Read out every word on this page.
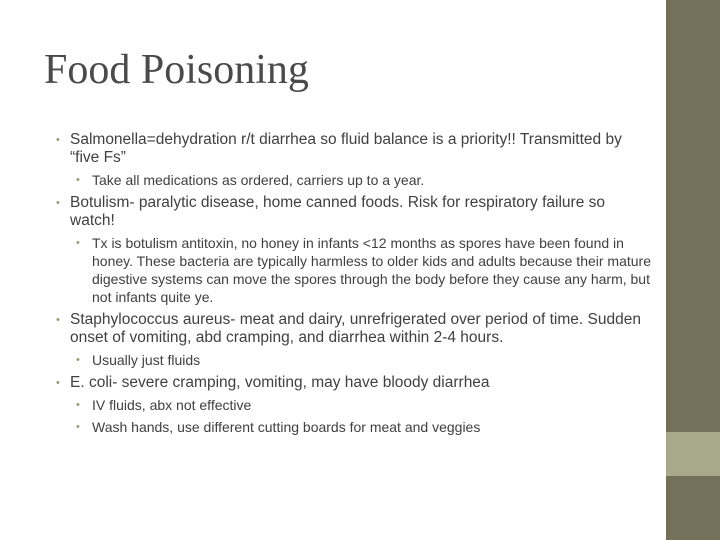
Food Poisoning
• Salmonella=dehydration r/t diarrhea so fluid balance is a priority!! Transmitted by “five Fs”
• Take all medications as ordered, carriers up to a year.
• Botulism- paralytic disease, home canned foods. Risk for respiratory failure so watch!
• Tx is botulism antitoxin, no honey in infants <12 months as spores have been found in honey. These bacteria are typically harmless to older kids and adults because their mature digestive systems can move the spores through the body before they cause any harm, but not infants quite ye.
• Staphylococcus aureus- meat and dairy, unrefrigerated over period of time. Sudden onset of vomiting, abd cramping, and diarrhea within 2-4 hours.
• Usually just fluids
• E. coli- severe cramping, vomiting, may have bloody diarrhea
• IV fluids, abx not effective
• Wash hands, use different cutting boards for meat and veggies
